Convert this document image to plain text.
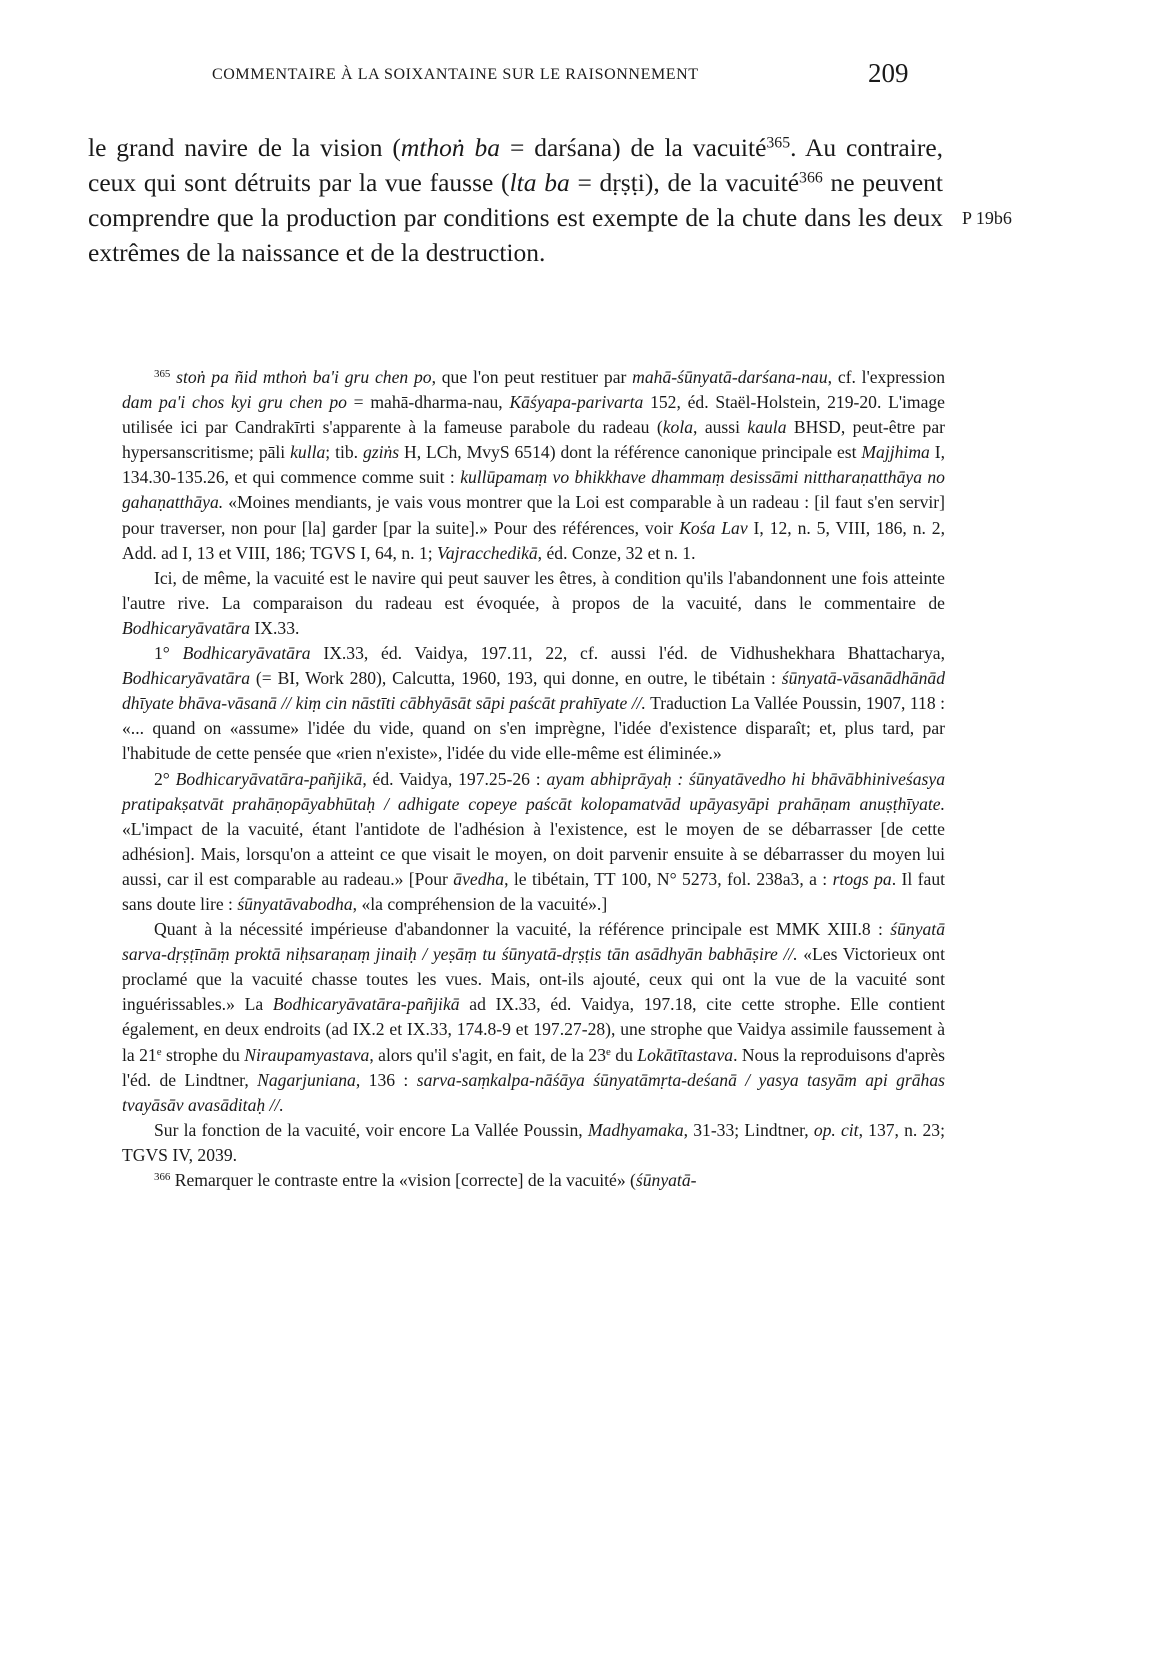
COMMENTAIRE À LA SOIXANTAINE SUR LE RAISONNEMENT	209

le grand navire de la vision (mthoṅ ba = darśana) de la vacuité$^{365}$. Au contraire, ceux qui sont détruits par la vue fausse (lta ba = dṛṣṭi), de la vacuité$^{366}$ ne peuvent comprendre que la production par conditions est exempte de la chute dans les deux extrêmes de la naissance et de la destruction.

P 19b6

$^{365}$ stoṅ pa ñid mthoṅ ba'i gru chen po, que l'on peut restituer par mahā-śūnyatā-darśana-nau, cf. l'expression dam pa'i chos kyi gru chen po = mahā-dharma-nau, Kāśyapa-parivarta 152, éd. Staël-Holstein, 219-20. L'image utilisée ici par Candrakīrti s'apparente à la fameuse parabole du radeau (kola, aussi kaula BHSD, peut-être par hypersanscritisme; pāli kulla; tib. gziṅs H, LCh, MvyS 6514) dont la référence canonique principale est Majjhima I, 134.30-135.26, et qui commence comme suit : kullūpamaṃ vo bhikkhave dhammaṃ desissāmi nittharaṇatthāya no gahaṇatthāya. «Moines mendiants, je vais vous montrer que la Loi est comparable à un radeau : [il faut s'en servir] pour traverser, non pour [la] garder [par la suite].» Pour des références, voir Kośa Lav I, 12, n. 5, VIII, 186, n. 2, Add. ad I, 13 et VIII, 186; TGVS I, 64, n. 1; Vajracchedikā, éd. Conze, 32 et n. 1.

Ici, de même, la vacuité est le navire qui peut sauver les êtres, à condition qu'ils l'abandonnent une fois atteinte l'autre rive. La comparaison du radeau est évoquée, à propos de la vacuité, dans le commentaire de Bodhicaryāvatāra IX.33.

1° Bodhicaryāvatāra IX.33, éd. Vaidya, 197.11, 22, cf. aussi l'éd. de Vidhushekhara Bhattacharya, Bodhicaryāvatāra (= BI, Work 280), Calcutta, 1960, 193, qui donne, en outre, le tibétain : śūnyatā-vāsanādhānād dhīyate bhāva-vāsanā // kiṃ cin nāstīti cābhyāsāt sāpi paścāt prahīyate //. Traduction La Vallée Poussin, 1907, 118 : «... quand on «assume» l'idée du vide, quand on s'en imprègne, l'idée d'existence disparaît; et, plus tard, par l'habitude de cette pensée que «rien n'existe», l'idée du vide elle-même est éliminée.»

2° Bodhicaryāvatāra-pañjikā, éd. Vaidya, 197.25-26 : ayam abhiprāyaḥ : śūnyatāvedho hi bhāvābhiniveśasya pratipakṣatvāt prahāṇopāyabhūtaḥ / adhigate copeye paścāt kolopamatvād upāyasyāpi prahāṇam anuṣṭhīyate. «L'impact de la vacuité, étant l'antidote de l'adhésion à l'existence, est le moyen de se débarrasser [de cette adhésion]. Mais, lorsqu'on a atteint ce que visait le moyen, on doit parvenir ensuite à se débarrasser du moyen lui aussi, car il est comparable au radeau.» [Pour āvedha, le tibétain, TT 100, N° 5273, fol. 238a3, a : rtogs pa. Il faut sans doute lire : śūnyatāvabodha, «la compréhension de la vacuité».]

Quant à la nécessité impérieuse d'abandonner la vacuité, la référence principale est MMK XIII.8 : śūnyatā sarva-dṛṣṭīnāṃ proktā niḥsaraṇaṃ jinaiḥ / yeṣāṃ tu śūnyatā-dṛṣṭis tān asādhyān babhāṣire //. «Les Victorieux ont proclamé que la vacuité chasse toutes les vues. Mais, ont-ils ajouté, ceux qui ont la vue de la vacuité sont inguérissables.» La Bodhicaryāvatāra-pañjikā ad IX.33, éd. Vaidya, 197.18, cite cette strophe. Elle contient également, en deux endroits (ad IX.2 et IX.33, 174.8-9 et 197.27-28), une strophe que Vaidya assimile faussement à la 21e strophe du Niraupamyastava, alors qu'il s'agit, en fait, de la 23e du Lokātītastava. Nous la reproduisons d'après l'éd. de Lindtner, Nagarjuniana, 136 : sarva-saṃkalpa-nāśāya śūnyatāmṛta-deśanā / yasya tasyām api grāhas tvayāsāv avasāditaḥ //.

Sur la fonction de la vacuité, voir encore La Vallée Poussin, Madhyamaka, 31-33; Lindtner, op. cit, 137, n. 23; TGVS IV, 2039.

$^{366}$ Remarquer le contraste entre la «vision [correcte] de la vacuité» (śūnyatā-
